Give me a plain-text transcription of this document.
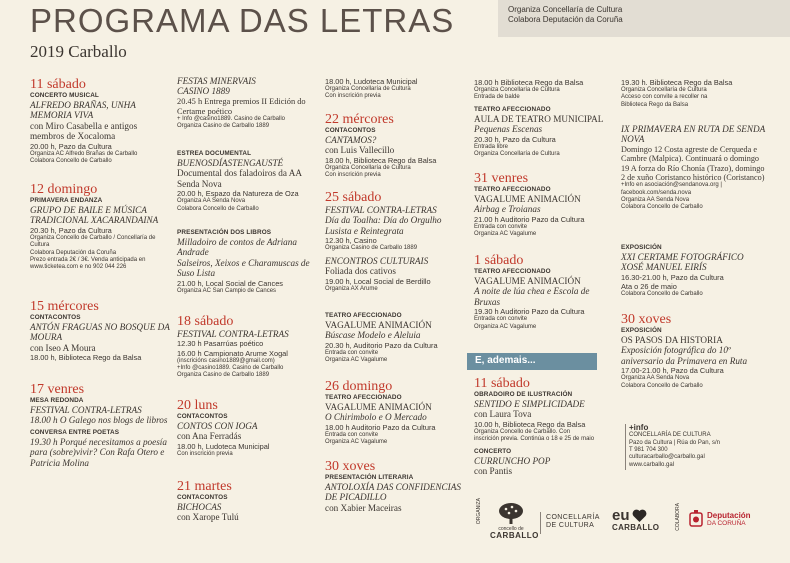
PROGRAMA DAS LETRAS
2019 Carballo
Organiza Concellaría de Cultura
Colabora Deputación da Coruña
11 sábado
CONCERTO MUSICAL
ALFREDO BRAÑAS, UNHA MEMORIA VIVA
con Miro Casabella e antigos membros de Xocaloma
20.00 h, Pazo da Cultura
Organiza AC Alfredo Brañas de Carballo
Colabora Concello de Carballo
12 domingo
PRIMAVERA ENDANZA
GRUPO DE BAILE E MÚSICA TRADICIONAL XACARANDAINA
20.30 h, Pazo da Cultura
Organiza Concello de Carballo / Concellaría de Cultura
Colabora Deputación da Coruña
Prezo entrada 2€ / 3€. Venda anticipada en www.ticketea.com e no 902 044 226
15 mércores
CONTACONTOS
ANTÓN FRAGUAS NO BOSQUE DA MOURA
con Iseo A Moura
18.00 h, Biblioteca Rego da Balsa
17 venres
MESA REDONDA
FESTIVAL CONTRA-LETRAS
18.00 h O Galego nos blogs de libros
CONVERSA ENTRE POETAS
19.30 h Porqué necesitamos a poesía para (sobre)vivir? Con Rafa Otero e Patricia Molina
FESTAS MINERVAIS
CASINO 1889
20.45 h Entrega premios II Edición do Certame poético
+ Info @casino1889. Casino de Carballo
Organiza Casino de Carballo 1889
ESTREA DOCUMENTAL
BUENOSDÍASTENGAUSTÉ
Documental dos faladoiros da AA Senda Nova
20.00 h, Espazo da Natureza de Oza
Organiza AA Senda Nova
Colabora Concello de Carballo
PRESENTACIÓN DOS LIBROS
Milladoiro de contos de Adriana Andrade
Salseiros, Xeixos e Charamuscas de Suso Lista
21.00 h, Local Social de Cances
Organiza AC San Campio de Cances
18 sábado
FESTIVAL CONTRA-LETRAS
12.30 h Pasarrúas poético
16.00 h Campionato Arume Xogal
(inscricións casino1889@gmail.com)
+Info @casino1889. Casino de Carballo
Organiza Casino de Carballo 1889
20 luns
CONTACONTOS
CONTOS CON IOGA
con Ana Ferradás
18.00 h, Ludoteca Municipal
Con inscrición previa
21 martes
CONTACONTOS
BICHOCAS
con Xarope Tulú
18.00 h, Ludoteca Municipal
Organiza Concellaría de Cultura
Con inscrición previa
22 mércores
CONTACONTOS
CANTAMOS?
con Luis Vallecillo
18.00 h, Biblioteca Rego da Balsa
Organiza Concellaría de Cultura
Con inscrición previa
25 sábado
FESTIVAL CONTRA-LETRAS
Día da Toalha: Día do Orgulho Lusista e Reintegrata
12.30 h, Casino
Organiza Casino de Carballo 1889
ENCONTROS CULTURAIS
Foliada dos cativos
19.00 h, Local Social de Berdillo
Organiza AX Arume
TEATRO AFECCIONADO
VAGALUME ANIMACIÓN
Búscase Modelo e Aleluia
20.30 h, Auditorio Pazo da Cultura
Entrada con convite
Organiza AC Vagalume
26 domingo
TEATRO AFECCIONADO
VAGALUME ANIMACIÓN
O Chirimbolo e O Mercado
18.00 h Auditorio Pazo da Cultura
Entrada con convite
Organiza AC Vagalume
30 xoves
PRESENTACIÓN LITERARIA
ANTOLOXÍA DAS CONFIDENCIAS DE PICADILLO
con Xabier Maceiras
18.00 h Biblioteca Rego da Balsa
Organiza Concellaría de Cultura
Entrada de balde
TEATRO AFECCIONADO
AULA DE TEATRO MUNICIPAL
Pequenas Escenas
20.30 h, Pazo da Cultura
Entrada libre
Organiza Concellaría de Cultura
31 venres
TEATRO AFECCIONADO
VAGALUME ANIMACIÓN
Airbag e Troianas
21.00 h Auditorio Pazo da Cultura
Entrada con convite
Organiza AC Vagalume
1 sábado
TEATRO AFECCIONADO
VAGALUME ANIMACIÓN
A noite de lúa chea e Escola de Bruxas
19.30 h Auditorio Pazo da Cultura
Entrada con convite
Organiza AC Vagalume
11 sábado
OBRADOIRO DE ILUSTRACIÓN
SENTIDO E SIMPLICIDADE
con Laura Tova
10.00 h, Biblioteca Rego da Balsa
Organiza Concello de Carballo. Con
inscrición previa. Continúa o 18 e 25 de maio
CONCERTO
CURRUNCHO POP
con Pantis
E, ademais...
19.30 h. Biblioteca Rego da Balsa
Organiza Concellaría de Cultura
Acceso con convite a recoller na
Biblioteca Rego da Balsa
IX PRIMAVERA EN RUTA DE SENDA NOVA
Domingo 12 Costa agreste de Cerqueda e Cambre (Malpica). Continuará o domingo 19 A forza do Río Chonía (Trazo), domingo 2 de xuño Coristanco histórico (Coristanco)
+Info en asociación@sendanova.org |
facebook.com/senda.nova
Organiza AA Senda Nova
Colabora Concello de Carballo
EXPOSICIÓN
XXI CERTAME FOTOGRÁFICO XOSÉ MANUEL EIRÍS
16.30-21.00 h, Pazo da Cultura
Ata o 26 de maio
Colabora Concello de Carballo
30 xoves
EXPOSICIÓN
OS PASOS DA HISTORIA
Exposición fotográfica do 10º aniversario da Primavera en Ruta
17.00-21.00 h, Pazo da Cultura
Organiza AA Senda Nova
Colabora Concello de Carballo
+info
CONCELLARÍA DE CULTURA
Pazo da Cultura | Rúa do Pan, s/n
T 981 704 300
culturacarballo@carballo.gal
www.carballo.gal
ORGANIZA
concello de
CARBALLO
CONCELLARÍA
DE CULTURA
eu
CARBALLO	COLABORA	Deputación
DA CORUÑA
